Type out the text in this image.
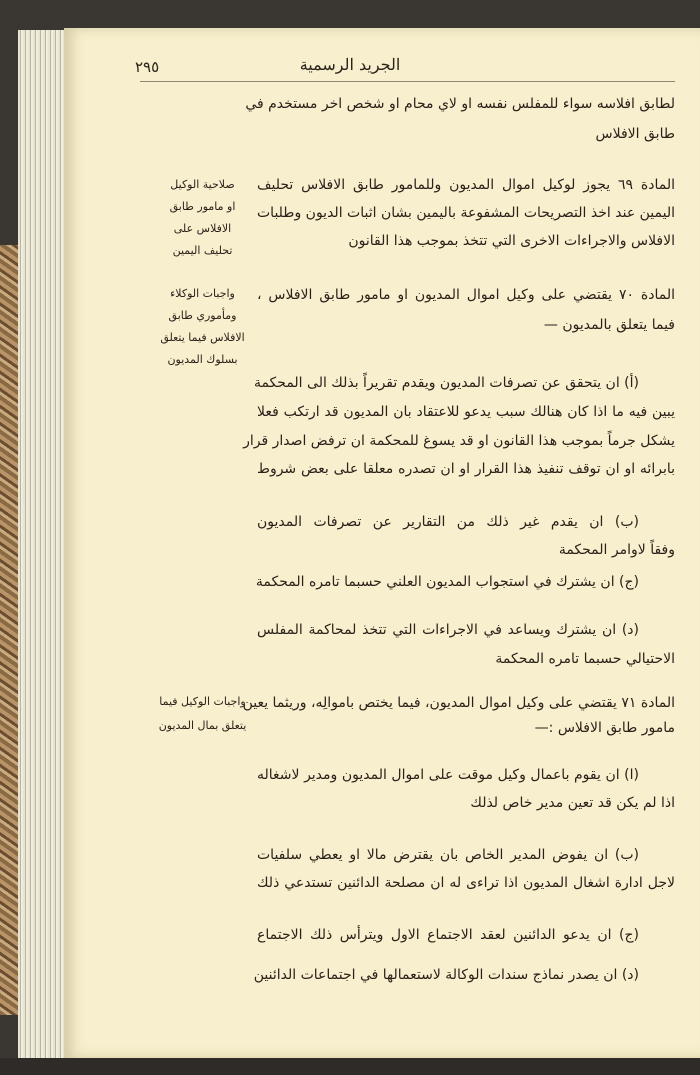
٢٩٥	الجريد الرسمية
لطابق افلاسه سواء للمفلس نفسه او لاي محام او شخص اخر مستخدم في
طابق الافلاس
المادة ٦٩ يجوز لوكيل اموال المديون وللمامور طابق الافلاس تحليف
اليمين عند اخذ التصريحات المشفوعة باليمين بشان اثبات الديون وطلبات
الافلاس والاجراءات الاخرى التي تتخذ بموجب هذا القانون
صلاحية الوكيل
او مامور طابق
الافلاس على
تحليف اليمين
المادة ٧٠ يقتضي على وكيل اموال المديون او مامور طابق الافلاس ،
فيما يتعلق بالمديون —
واجبات الوكلاء
ومأموري طابق
الافلاس فيما يتعلق
بسلوك المديون
(أ) ان يتحقق عن تصرفات المديون ويقدم تقريراً بذلك الى المحكمة
يبين فيه ما اذا كان هنالك سبب يدعو للاعتقاد بان المديون قد ارتكب فعلا
يشكل جرماً بموجب هذا القانون او قد يسوغ للمحكمة ان ترفض اصدار قرار
بابرائه او ان توقف تنفيذ هذا القرار او ان تصدره معلقا على بعض شروط
(ب) ان يقدم غير ذلك من التقارير عن تصرفات المديون
وفقاً لاوامر المحكمة
(ج) ان يشترك في استجواب المديون العلني حسبما تامره المحكمة
(د) ان يشترك ويساعد في الاجراءات التي تتخذ لمحاكمة المفلس
الاحتيالي حسبما تامره المحكمة
المادة ٧١ يقتضي على وكيل اموال المديون، فيما يختص باموالِه، وريثما يعين
مامور طابق الافلاس :—
واجبات الوكيل فيما
يتعلق بمال المديون
(ا) ان يقوم باعمال وكيل موقت على اموال المديون ومدير لاشغاله
اذا لم يكن قد تعين مدير خاص لذلك
(ب) ان يفوض المدير الخاص بان يقترض مالا او يعطي سلفيات
لاجل ادارة اشغال المديون اذا تراءى له ان مصلحة الدائنين تستدعي ذلك
(ج) ان يدعو الدائنين لعقد الاجتماع الاول ويترأس ذلك الاجتماع
(د) ان يصدر نماذج سندات الوكالة لاستعمالها في اجتماعات الدائنين
